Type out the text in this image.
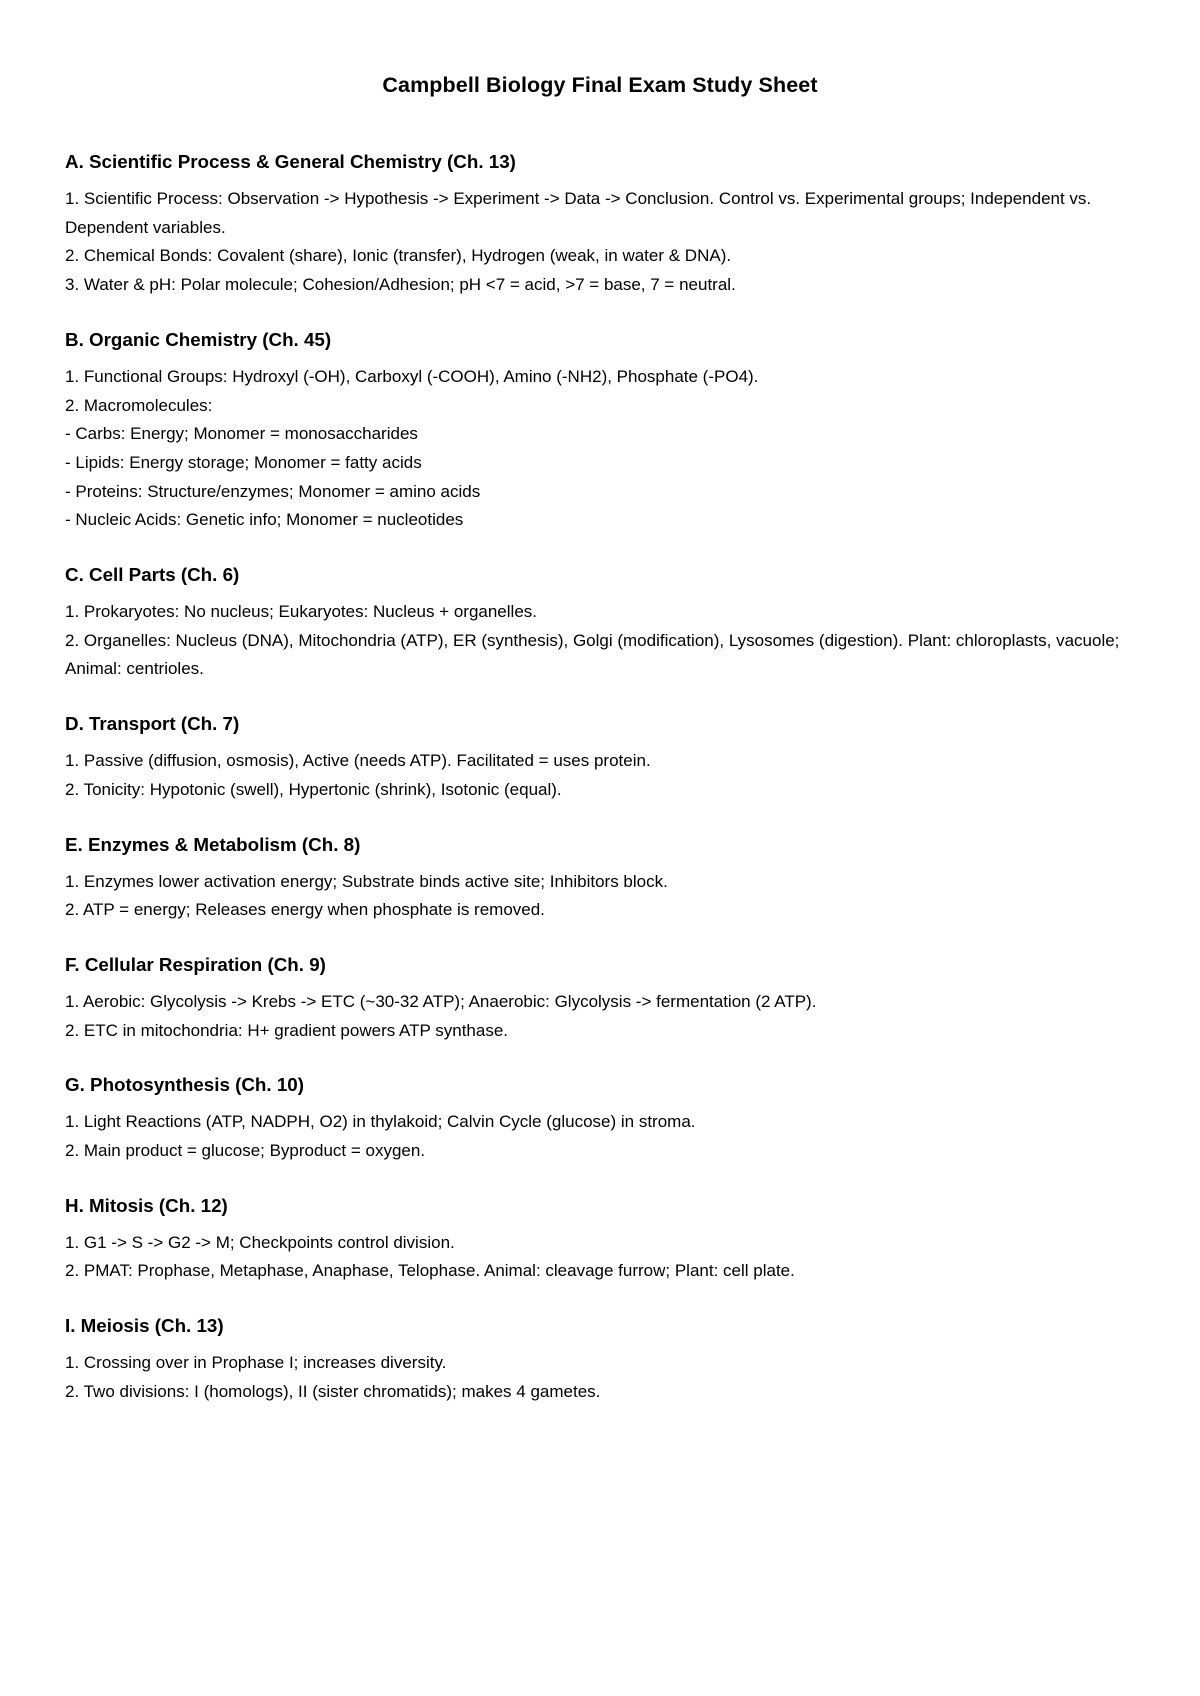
Campbell Biology Final Exam Study Sheet
A. Scientific Process & General Chemistry (Ch. 13)
1. Scientific Process: Observation -> Hypothesis -> Experiment -> Data -> Conclusion. Control vs. Experimental groups; Independent vs. Dependent variables.
2. Chemical Bonds: Covalent (share), Ionic (transfer), Hydrogen (weak, in water & DNA).
3. Water & pH: Polar molecule; Cohesion/Adhesion; pH <7 = acid, >7 = base, 7 = neutral.
B. Organic Chemistry (Ch. 45)
1. Functional Groups: Hydroxyl (-OH), Carboxyl (-COOH), Amino (-NH2), Phosphate (-PO4).
2. Macromolecules:
- Carbs: Energy; Monomer = monosaccharides
- Lipids: Energy storage; Monomer = fatty acids
- Proteins: Structure/enzymes; Monomer = amino acids
- Nucleic Acids: Genetic info; Monomer = nucleotides
C. Cell Parts (Ch. 6)
1. Prokaryotes: No nucleus; Eukaryotes: Nucleus + organelles.
2. Organelles: Nucleus (DNA), Mitochondria (ATP), ER (synthesis), Golgi (modification), Lysosomes (digestion). Plant: chloroplasts, vacuole; Animal: centrioles.
D. Transport (Ch. 7)
1. Passive (diffusion, osmosis), Active (needs ATP). Facilitated = uses protein.
2. Tonicity: Hypotonic (swell), Hypertonic (shrink), Isotonic (equal).
E. Enzymes & Metabolism (Ch. 8)
1. Enzymes lower activation energy; Substrate binds active site; Inhibitors block.
2. ATP = energy; Releases energy when phosphate is removed.
F. Cellular Respiration (Ch. 9)
1. Aerobic: Glycolysis -> Krebs -> ETC (~30-32 ATP); Anaerobic: Glycolysis -> fermentation (2 ATP).
2. ETC in mitochondria: H+ gradient powers ATP synthase.
G. Photosynthesis (Ch. 10)
1. Light Reactions (ATP, NADPH, O2) in thylakoid; Calvin Cycle (glucose) in stroma.
2. Main product = glucose; Byproduct = oxygen.
H. Mitosis (Ch. 12)
1. G1 -> S -> G2 -> M; Checkpoints control division.
2. PMAT: Prophase, Metaphase, Anaphase, Telophase. Animal: cleavage furrow; Plant: cell plate.
I. Meiosis (Ch. 13)
1. Crossing over in Prophase I; increases diversity.
2. Two divisions: I (homologs), II (sister chromatids); makes 4 gametes.
